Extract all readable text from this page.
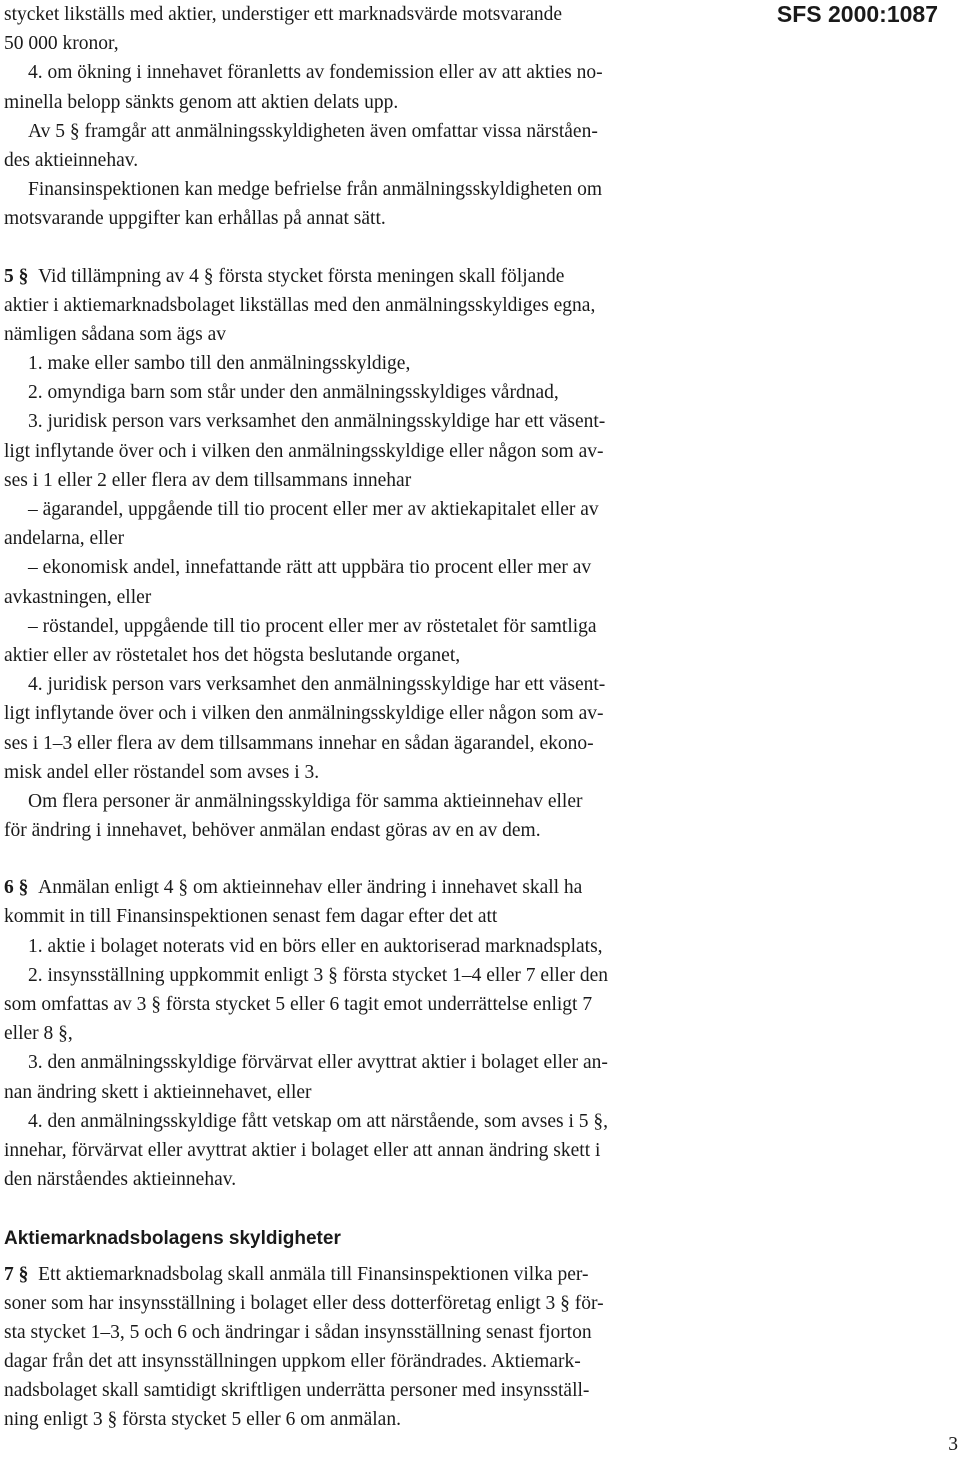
SFS 2000:1087
stycket likställs med aktier, understiger ett marknadsvärde motsvarande
50 000 kronor,
4. om ökning i innehavet föranletts av fondemission eller av att akties no-
minella belopp sänkts genom att aktien delats upp.
Av 5 § framgår att anmälningsskyldigheten även omfattar vissa närståen-
des aktieinnehav.
Finansinspektionen kan medge befrielse från anmälningsskyldigheten om
motsvarande uppgifter kan erhållas på annat sätt.
5 § Vid tillämpning av 4 § första stycket första meningen skall följande
aktier i aktiemarknadsbolaget likställas med den anmälningsskyldiges egna,
nämligen sådana som ägs av
1. make eller sambo till den anmälningsskyldige,
2. omyndiga barn som står under den anmälningsskyldiges vårdnad,
3. juridisk person vars verksamhet den anmälningsskyldige har ett väsent-
ligt inflytande över och i vilken den anmälningsskyldige eller någon som av-
ses i 1 eller 2 eller flera av dem tillsammans innehar
– ägarandel, uppgående till tio procent eller mer av aktiekapitalet eller av
andelarna, eller
– ekonomisk andel, innefattande rätt att uppbära tio procent eller mer av
avkastningen, eller
– röstandel, uppgående till tio procent eller mer av röstetalet för samtliga
aktier eller av röstetalet hos det högsta beslutande organet,
4. juridisk person vars verksamhet den anmälningsskyldige har ett väsent-
ligt inflytande över och i vilken den anmälningsskyldige eller någon som av-
ses i 1–3 eller flera av dem tillsammans innehar en sådan ägarandel, ekono-
misk andel eller röstandel som avses i 3.
Om flera personer är anmälningsskyldiga för samma aktieinnehav eller
för ändring i innehavet, behöver anmälan endast göras av en av dem.
6 § Anmälan enligt 4 § om aktieinnehav eller ändring i innehavet skall ha
kommit in till Finansinspektionen senast fem dagar efter det att
1. aktie i bolaget noterats vid en börs eller en auktoriserad marknadsplats,
2. insynsställning uppkommit enligt 3 § första stycket 1–4 eller 7 eller den
som omfattas av 3 § första stycket 5 eller 6 tagit emot underrättelse enligt 7
eller 8 §,
3. den anmälningsskyldige förvärvat eller avyttrat aktier i bolaget eller an-
nan ändring skett i aktieinnehavet, eller
4. den anmälningsskyldige fått vetskap om att närstående, som avses i 5 §,
innehar, förvärvat eller avyttrat aktier i bolaget eller att annan ändring skett i
den närståendes aktieinnehav.
Aktiemarknadsbolagens skyldigheter
7 § Ett aktiemarknadsbolag skall anmäla till Finansinspektionen vilka per-
soner som har insynsställning i bolaget eller dess dotterföretag enligt 3 § för-
sta stycket 1–3, 5 och 6 och ändringar i sådan insynsställning senast fjorton
dagar från det att insynsställningen uppkom eller förändrades. Aktiemark-
nadsbolaget skall samtidigt skriftligen underrätta personer med insynsställ-
ning enligt 3 § första stycket 5 eller 6 om anmälan.
3
